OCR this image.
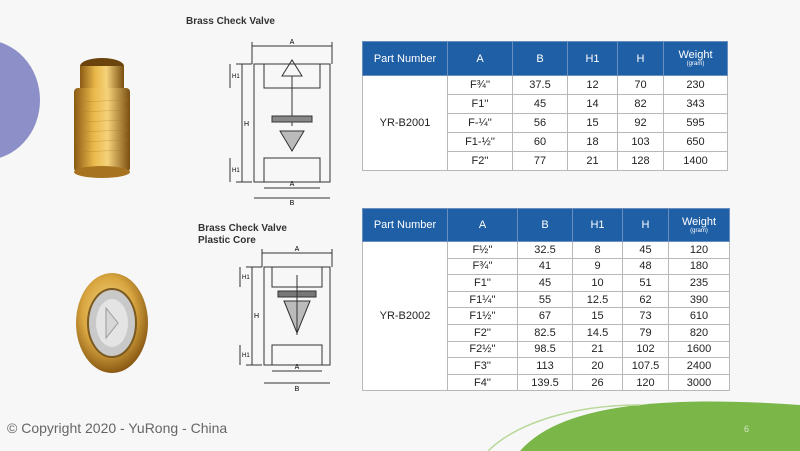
Brass Check Valve
A
H
H1
H1
A
B
Part Number	A	B	H1	H	Weight
(gram)

YR-B2001	F¾''	37.5	12	70	230
	F1''	45	14	82	343
	F-¼''	56	15	92	595
	F1-½''	60	18	103	650
	F2''	77	21	128	1400
Brass Check Valve
Plastic Core
A
H
H1
H1
A
B
Part Number	A	B	H1	H	Weight
(gram)

YR-B2002	F½''	32.5	8	45	120
	F¾''	41	9	48	180
	F1''	45	10	51	235
	F1¼''	55	12.5	62	390
	F1½''	67	15	73	610
	F2''	82.5	14.5	79	820
	F2½''	98.5	21	102	1600
	F3''	113	20	107.5	2400
	F4''	139.5	26	120	3000
© Copyright 2020 - YuRong - China	6
